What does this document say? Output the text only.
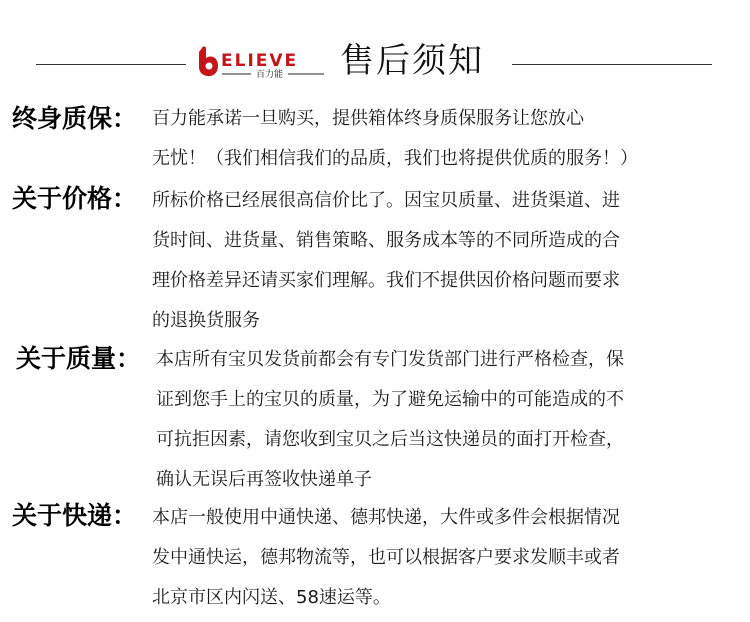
ELIEVE
百力能 售后须知
终身质保： 百力能承诺一旦购买，提供箱体终身质保服务让您放心
无忧！（我们相信我们的品质，我们也将提供优质的服务！）
关于价格： 所标价格已经展很高信价比了。因宝贝质量、进货渠道、进
货时间、进货量、销售策略、服务成本等的不同所造成的合
理价格差异还请买家们理解。我们不提供因价格问题而要求
的退换货服务
关于质量： 本店所有宝贝发货前都会有专门发货部门进行严格检查，保
证到您手上的宝贝的质量，为了避免运输中的可能造成的不
可抗拒因素，请您收到宝贝之后当这快递员的面打开检查，
确认无误后再签收快递单子
关于快递： 本店一般使用中通快递、德邦快递，大件或多件会根据情况
发中通快运，德邦物流等，也可以根据客户要求发顺丰或者
北京市区内闪送、58速运等。
